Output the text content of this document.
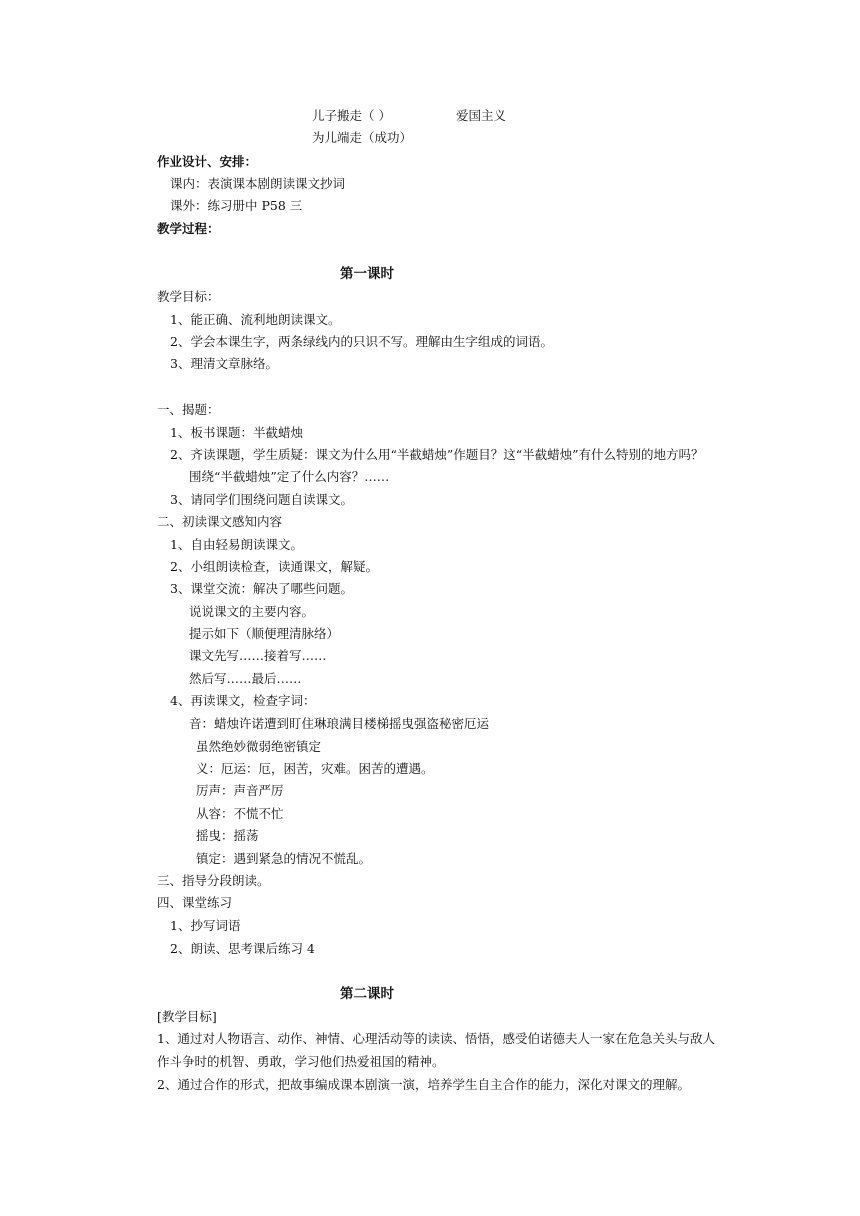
儿子搬走（ ）	爱国主义
为儿端走（成功）
作业设计、安排：
课内：表演课本剧朗读课文抄词
课外：练习册中 P58 三
教学过程：
第一课时
教学目标：
1、能正确、流利地朗读课文。
2、学会本课生字，两条绿线内的只识不写。理解由生字组成的词语。
3、理清文章脉络。
一、揭题：
1、板书课题：半截蜡烛
2、齐读课题，学生质疑：课文为什么用“半截蜡烛”作题目？这“半截蜡烛”有什么特别的地方吗？
围绕“半截蜡烛”定了什么内容？……
3、请同学们围绕问题自读课文。
二、初读课文感知内容
1、自由轻易朗读课文。
2、小组朗读检查，读通课文，解疑。
3、课堂交流：解决了哪些问题。
说说课文的主要内容。
提示如下（顺便理清脉络）
课文先写……接着写……
然后写……最后……
4、再读课文，检查字词：
音：蜡烛许诺遭到盯住琳琅满目楼梯摇曳强盗秘密厄运
虽然绝妙微弱绝密镇定
义：厄运：厄，困苦，灾难。困苦的遭遇。
厉声：声音严厉
从容：不慌不忙
摇曳：摇荡
镇定：遇到紧急的情况不慌乱。
三、指导分段朗读。
四、课堂练习
1、抄写词语
2、朗读、思考课后练习 4
第二课时
[教学目标]
1、通过对人物语言、动作、神情、心理活动等的读读、悟悟，感受伯诺德夫人一家在危急关头与敌人
作斗争时的机智、勇敢，学习他们热爱祖国的精神。
2、通过合作的形式，把故事编成课本剧演一演，培养学生自主合作的能力，深化对课文的理解。
